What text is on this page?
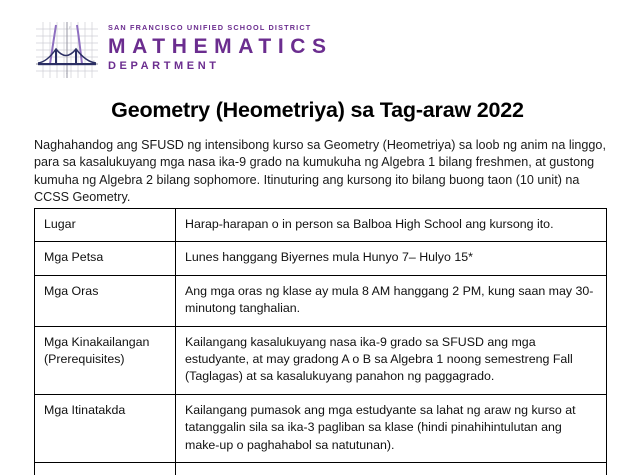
y
x
−
−
SAN FRANCISCO UNIFIED SCHOOL DISTRICT
MATHEMATICS
DEPARTMENT
Geometry (Heometriya) sa Tag-araw 2022

Naghahandog ang SFUSD ng intensibong kurso sa Geometry (Heometriya) sa loob ng anim na linggo, para sa kasalukuyang mga nasa ika-9 grado na kumukuha ng Algebra 1 bilang freshmen, at gustong kumuha ng Algebra 2 bilang sophomore. Itinuturing ang kursong ito bilang buong taon (10 unit) na CCSS Geometry.

Lugar	Harap-harapan o in person sa Balboa High School ang kursong ito.
Mga Petsa	Lunes hanggang Biyernes mula Hunyo 7– Hulyo 15*
Mga Oras	Ang mga oras ng klase ay mula 8 AM hanggang 2 PM, kung saan may 30-minutong tanghalian.
Mga Kinakailangan (Prerequisites)	Kailangang kasalukuyang nasa ika-9 grado sa SFUSD ang mga estudyante, at may gradong A o B sa Algebra 1 noong semestreng Fall (Taglagas) at sa kasalukuyang panahon ng paggagrado.
Mga Itinatakda	Kailangang pumasok ang mga estudyante sa lahat ng araw ng kurso at tatanggalin sila sa ika-3 pagliban sa klase (hindi pinahihintulutan ang make-up o paghahabol sa natutunan).
